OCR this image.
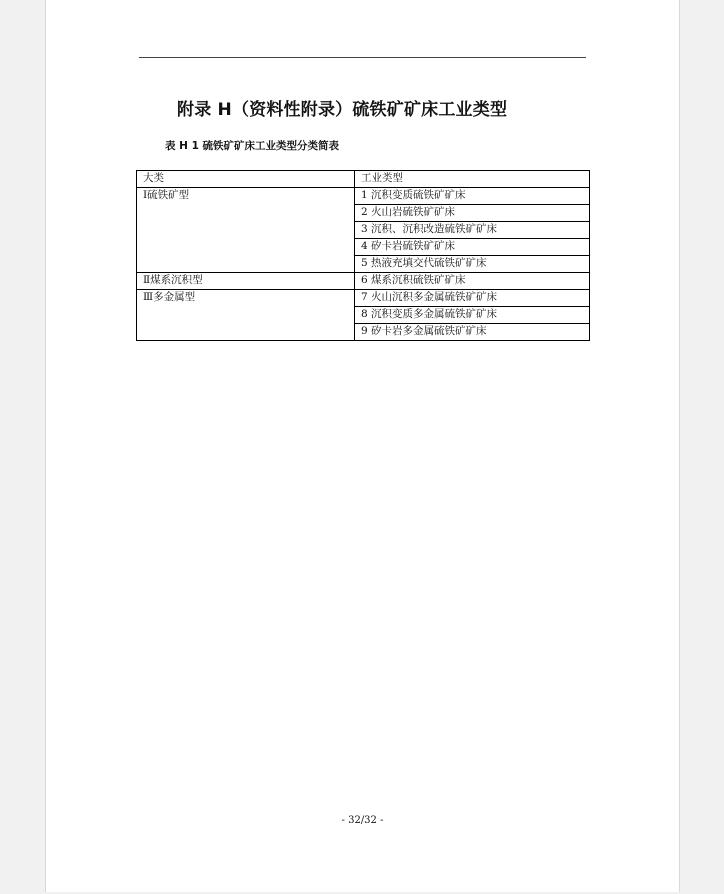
附录 H（资料性附录）硫铁矿矿床工业类型
表 H 1 硫铁矿矿床工业类型分类简表
大类	工业类型
Ⅰ硫铁矿型	1 沉积变质硫铁矿矿床
	2 火山岩硫铁矿矿床
	3 沉积、沉积改造硫铁矿矿床
	4 矽卡岩硫铁矿矿床
	5 热液充填交代硫铁矿矿床
Ⅱ煤系沉积型	6 煤系沉积硫铁矿矿床
Ⅲ多金属型	7 火山沉积多金属硫铁矿矿床
	8 沉积变质多金属硫铁矿矿床
	9 矽卡岩多金属硫铁矿矿床
- 32/32 -
